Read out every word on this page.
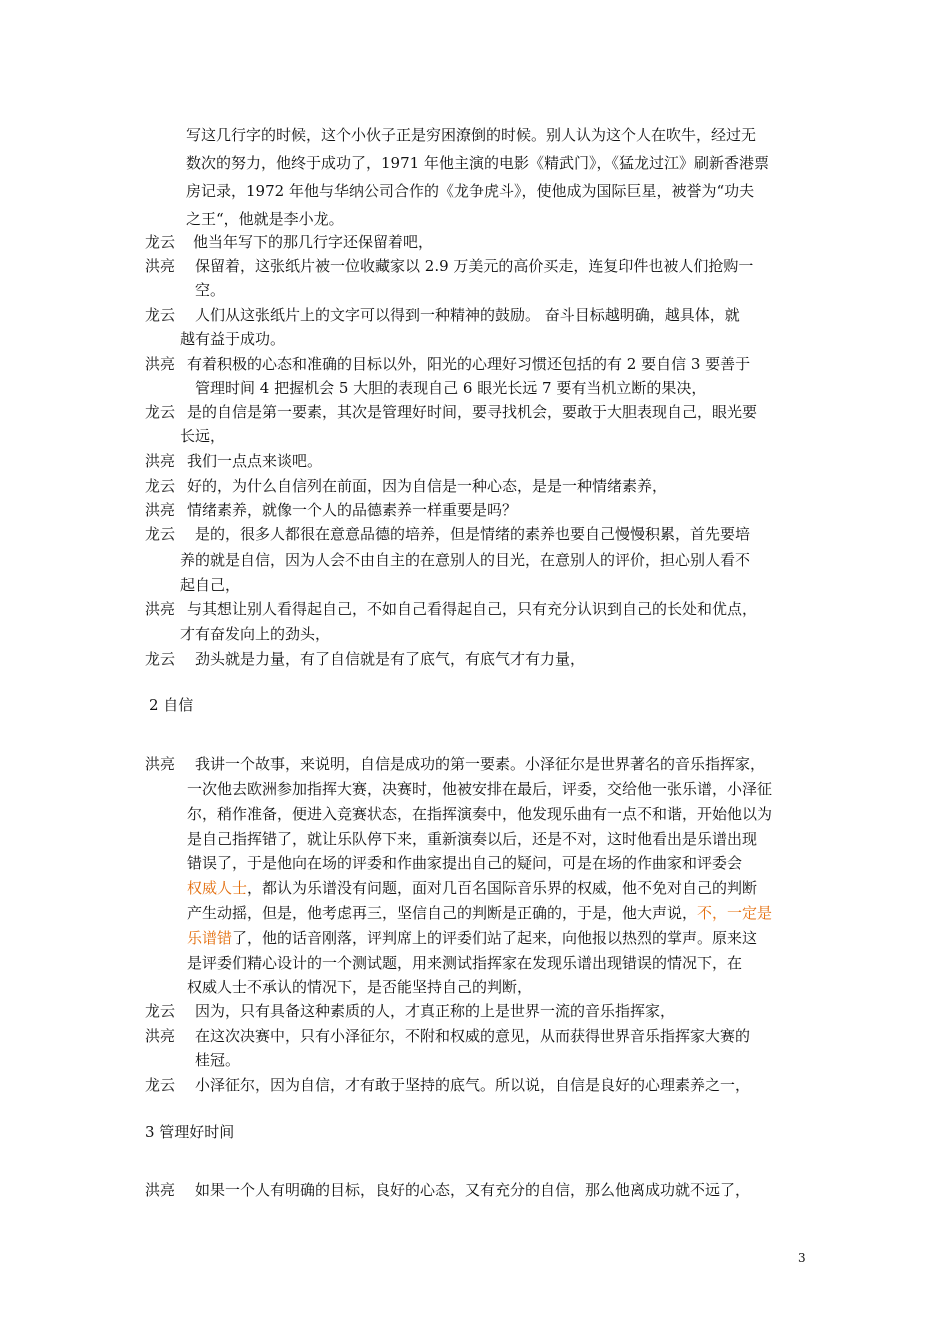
写这几行字的时候，这个小伙子正是穷困潦倒的时候。别人认为这个人在吹牛，经过无
数次的努力，他终于成功了，1971 年他主演的电影《精武门》，《猛龙过江》刷新香港票
房记录，1972 年他与华纳公司合作的《龙争虎斗》，使他成为国际巨星，被誉为“功夫
之王“，他就是李小龙。
龙云 他当年写下的那几行字还保留着吧，
洪亮 保留着，这张纸片被一位收藏家以 2.9 万美元的高价买走，连复印件也被人们抢购一
空。
龙云 人们从这张纸片上的文字可以得到一种精神的鼓励。 奋斗目标越明确，越具体，就
越有益于成功。
洪亮 有着积极的心态和准确的目标以外，阳光的心理好习惯还包括的有 2 要自信 3 要善于
管理时间 4 把握机会 5 大胆的表现自己 6 眼光长远 7 要有当机立断的果决，
龙云 是的自信是第一要素，其次是管理好时间，要寻找机会，要敢于大胆表现自己，眼光要
长远，
洪亮 我们一点点来谈吧。
龙云 好的，为什么自信列在前面，因为自信是一种心态，是是一种情绪素养，
洪亮 情绪素养，就像一个人的品德素养一样重要是吗？
龙云 是的，很多人都很在意意品德的培养，但是情绪的素养也要自己慢慢积累，首先要培
养的就是自信，因为人会不由自主的在意别人的目光，在意别人的评价，担心别人看不
起自己，
洪亮 与其想让别人看得起自己，不如自己看得起自己，只有充分认识到自己的长处和优点，
才有奋发向上的劲头，
龙云 劲头就是力量，有了自信就是有了底气，有底气才有力量，
2 自信
洪亮 我讲一个故事，来说明，自信是成功的第一要素。小泽征尔是世界著名的音乐指挥家，
一次他去欧洲参加指挥大赛，决赛时，他被安排在最后，评委，交给他一张乐谱，小泽征
尔，稍作准备，便进入竞赛状态，在指挥演奏中，他发现乐曲有一点不和谐，开始他以为
是自己指挥错了，就让乐队停下来，重新演奏以后，还是不对，这时他看出是乐谱出现
错误了，于是他向在场的评委和作曲家提出自己的疑问，可是在场的作曲家和评委会
权威人士，都认为乐谱没有问题，面对几百名国际音乐界的权威，他不免对自己的判断
产生动摇，但是，他考虑再三，坚信自己的判断是正确的，于是，他大声说，不，一定是
乐谱错了，他的话音刚落，评判席上的评委们站了起来，向他报以热烈的掌声。原来这
是评委们精心设计的一个测试题，用来测试指挥家在发现乐谱出现错误的情况下，在
权威人士不承认的情况下，是否能坚持自己的判断，
龙云 因为，只有具备这种素质的人，才真正称的上是世界一流的音乐指挥家，
洪亮 在这次决赛中，只有小泽征尔，不附和权威的意见，从而获得世界音乐指挥家大赛的
桂冠。
龙云 小泽征尔，因为自信，才有敢于坚持的底气。所以说，自信是良好的心理素养之一，
3 管理好时间
洪亮 如果一个人有明确的目标，良好的心态，又有充分的自信，那么他离成功就不远了，
3
